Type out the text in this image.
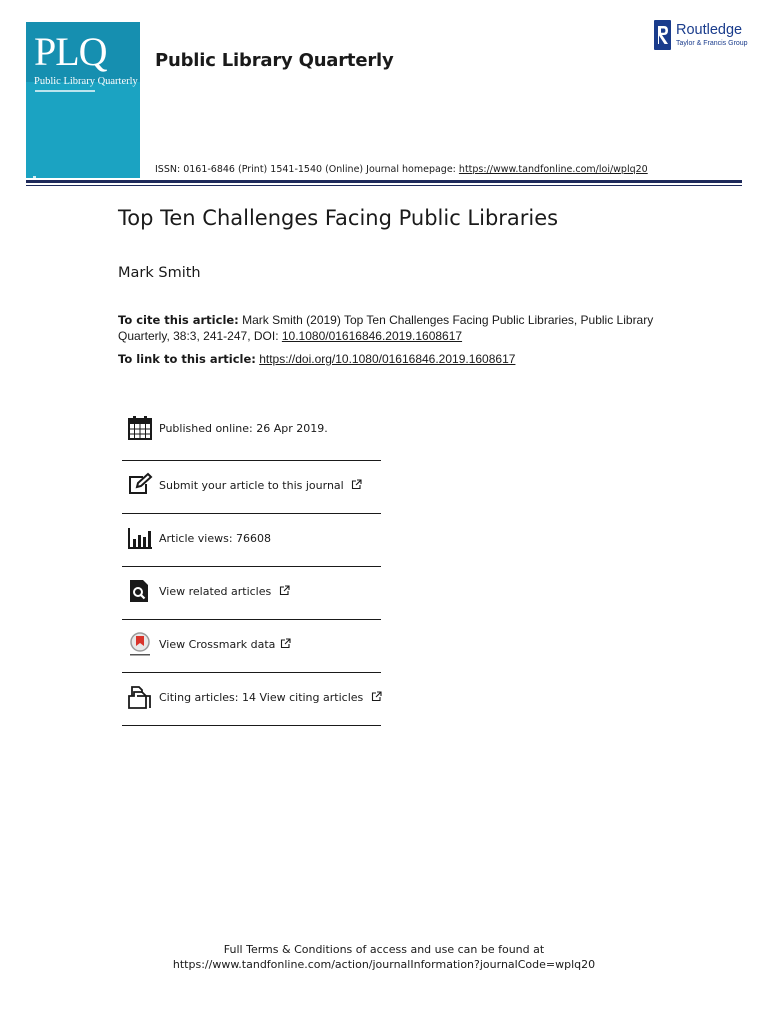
PLQ
Public Library Quarterly
Public Library Quarterly
Routledge
Taylor & Francis Group
ISSN: 0161-6846 (Print) 1541-1540 (Online) Journal homepage: https://www.tandfonline.com/loi/wplq20
Top Ten Challenges Facing Public Libraries
Mark Smith
To cite this article: Mark Smith (2019) Top Ten Challenges Facing Public Libraries, Public Library Quarterly, 38:3, 241-247, DOI: 10.1080/01616846.2019.1608617
To link to this article: https://doi.org/10.1080/01616846.2019.1608617
Published online: 26 Apr 2019.
Submit your article to this journal
Article views: 76608
View related articles
View Crossmark data
Citing articles: 14 View citing articles
Full Terms & Conditions of access and use can be found at
https://www.tandfonline.com/action/journalInformation?journalCode=wplq20
